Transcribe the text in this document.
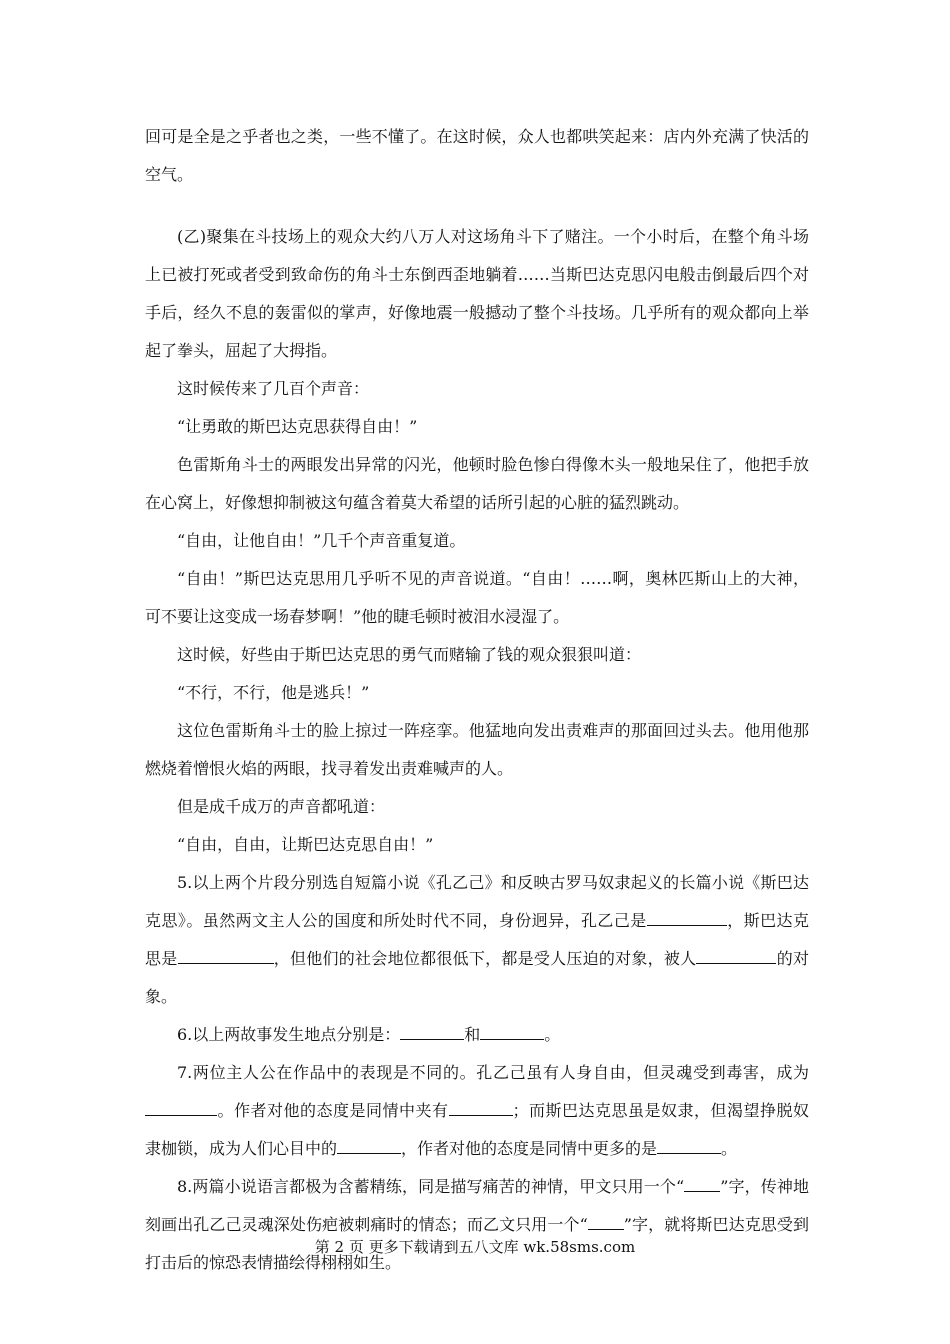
回可是全是之乎者也之类，一些不懂了。在这时候，众人也都哄笑起来：店内外充满了快活的空气。

(乙)聚集在斗技场上的观众大约八万人对这场角斗下了赌注。一个小时后，在整个角斗场上已被打死或者受到致命伤的角斗士东倒西歪地躺着……当斯巴达克思闪电般击倒最后四个对手后，经久不息的轰雷似的掌声，好像地震一般撼动了整个斗技场。几乎所有的观众都向上举起了拳头，屈起了大拇指。

这时候传来了几百个声音：

“让勇敢的斯巴达克思获得自由！”

色雷斯角斗士的两眼发出异常的闪光，他顿时脸色惨白得像木头一般地呆住了，他把手放在心窝上，好像想抑制被这句蕴含着莫大希望的话所引起的心脏的猛烈跳动。

“自由，让他自由！”几千个声音重复道。

“自由！”斯巴达克思用几乎听不见的声音说道。“自由！……啊，奥林匹斯山上的大神，可不要让这变成一场春梦啊！”他的睫毛顿时被泪水浸湿了。

这时候，好些由于斯巴达克思的勇气而赌输了钱的观众狠狠叫道：

“不行，不行，他是逃兵！”

这位色雷斯角斗士的脸上掠过一阵痉挛。他猛地向发出责难声的那面回过头去。他用他那燃烧着憎恨火焰的两眼，找寻着发出责难喊声的人。

但是成千成万的声音都吼道：

“自由，自由，让斯巴达克思自由！”

5.以上两个片段分别选自短篇小说《孔乙己》和反映古罗马奴隶起义的长篇小说《斯巴达克思》。虽然两文主人公的国度和所处时代不同，身份迥异，孔乙己是	，斯巴达克思是	，但他们的社会地位都很低下，都是受人压迫的对象，被人	的对象。

6.以上两故事发生地点分别是：	和	。

7.两位主人公在作品中的表现是不同的。孔乙己虽有人身自由，但灵魂受到毒害，成为。作者对他的态度是同情中夹有	；而斯巴达克思虽是奴隶，但渴望挣脱奴隶枷锁，成为人们心目中的	，作者对他的态度是同情中更多的是	。

8.两篇小说语言都极为含蓄精练，同是描写痛苦的神情，甲文只用一个“ ”字，传神地刻画出孔乙己灵魂深处伤疤被刺痛时的情态；而乙文只用一个“ ”字，就将斯巴达克思受到打击后的惊恐表情描绘得栩栩如生。

第 2 页 更多下载请到五八文库 wk.58sms.com
